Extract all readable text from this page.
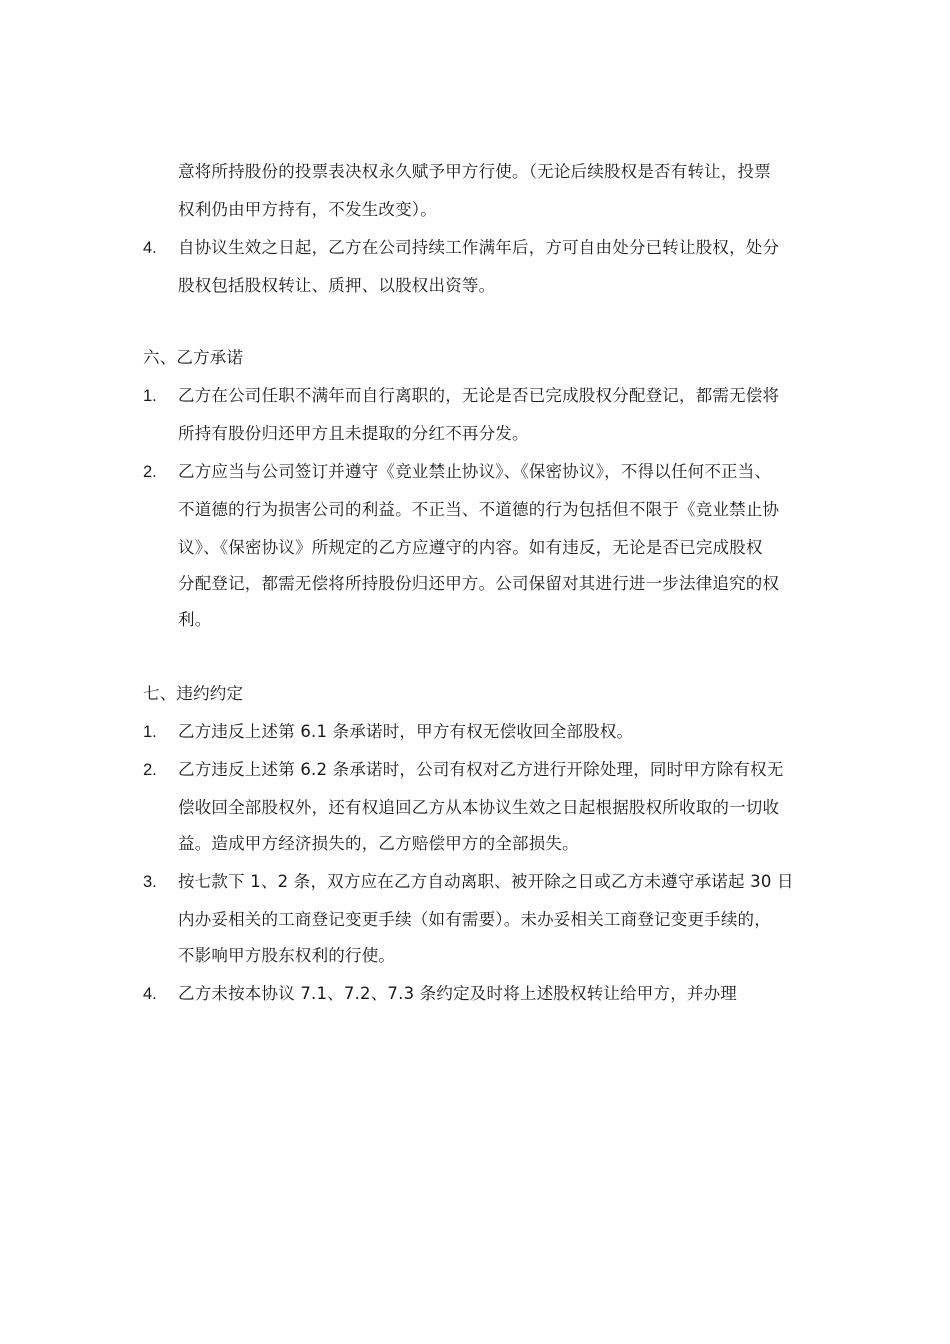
意将所持股份的投票表决权永久赋予甲方行使。（无论后续股权是否有转让，投票
权利仍由甲方持有，不发生改变）。
4. 自协议生效之日起，乙方在公司持续工作满年后，方可自由处分已转让股权，处分
股权包括股权转让、质押、以股权出资等。
六、乙方承诺
1. 乙方在公司任职不满年而自行离职的，无论是否已完成股权分配登记，都需无偿将
所持有股份归还甲方且未提取的分红不再分发。
2. 乙方应当与公司签订并遵守《竞业禁止协议》、《保密协议》，不得以任何不正当、
不道德的行为损害公司的利益。不正当、不道德的行为包括但不限于《竞业禁止协
议》、《保密协议》所规定的乙方应遵守的内容。如有违反，无论是否已完成股权
分配登记，都需无偿将所持股份归还甲方。公司保留对其进行进一步法律追究的权
利。
七、违约约定
1. 乙方违反上述第 6.1 条承诺时，甲方有权无偿收回全部股权。
2. 乙方违反上述第 6.2 条承诺时，公司有权对乙方进行开除处理，同时甲方除有权无
偿收回全部股权外，还有权追回乙方从本协议生效之日起根据股权所收取的一切收
益。造成甲方经济损失的，乙方赔偿甲方的全部损失。
3. 按七款下 1、2 条，双方应在乙方自动离职、被开除之日或乙方未遵守承诺起 30 日
内办妥相关的工商登记变更手续（如有需要）。未办妥相关工商登记变更手续的，
不影响甲方股东权利的行使。
4. 乙方未按本协议 7.1、7.2、7.3 条约定及时将上述股权转让给甲方，并办理
